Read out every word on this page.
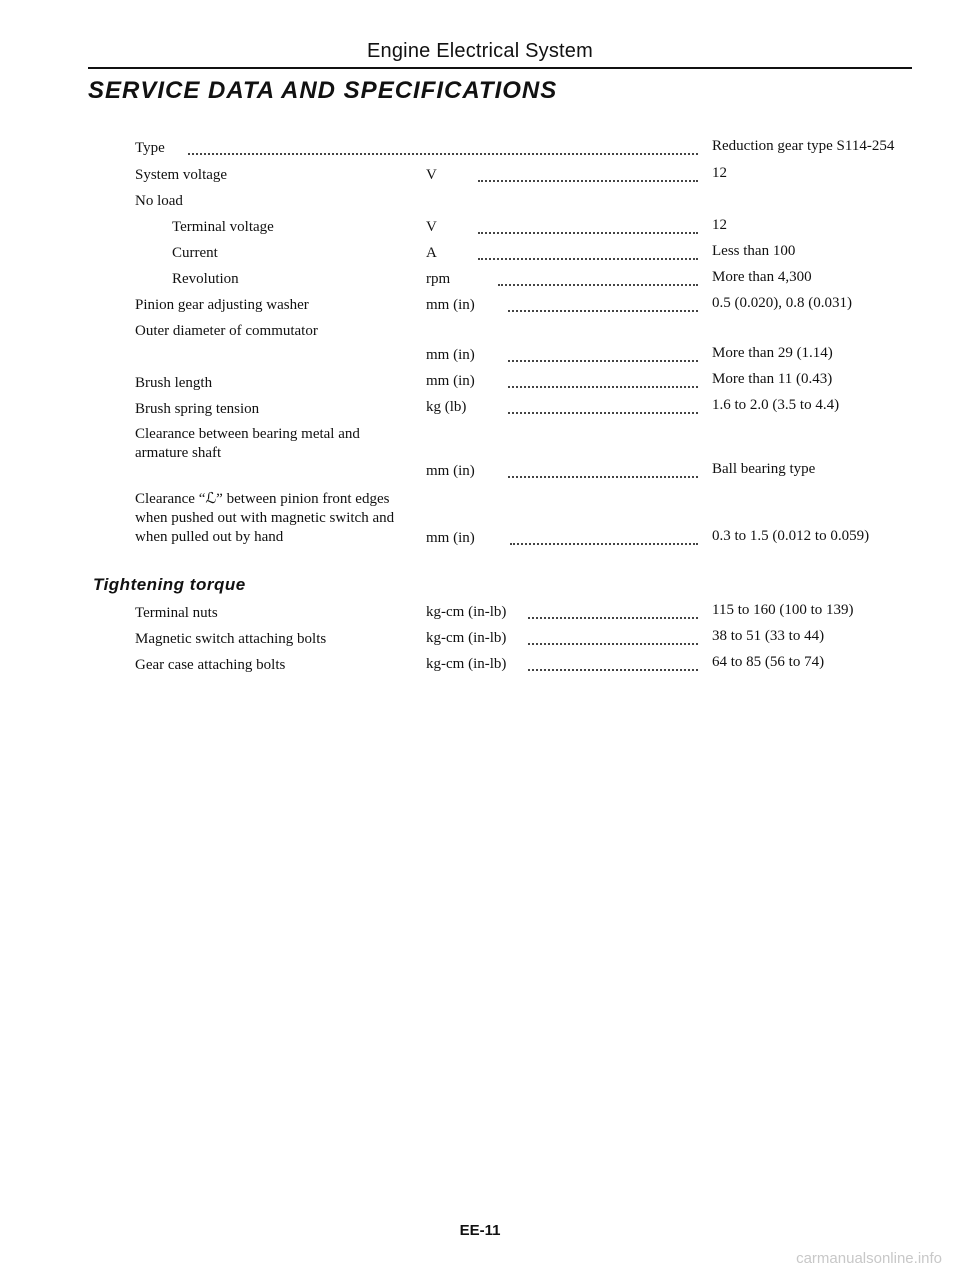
Engine Electrical System
SERVICE DATA AND SPECIFICATIONS
Type	Reduction gear type S114-254
System voltage	V	12
No load
Terminal voltage	V	12
Current	A	Less than 100
Revolution	rpm	More than 4,300
Pinion gear adjusting washer	mm (in)	0.5 (0.020), 0.8 (0.031)
Outer diameter of commutator
mm (in)	More than 29 (1.14)
Brush length	mm (in)	More than 11 (0.43)
Brush spring tension	kg (lb)	1.6 to 2.0 (3.5 to 4.4)
Clearance between bearing metal and
armature shaft
mm (in)	Ball bearing type
Clearance “ℒ” between pinion front edges
when pushed out with magnetic switch and
when pulled out by hand	mm (in)	0.3 to 1.5 (0.012 to 0.059)
Tightening torque
Terminal nuts	kg-cm (in-lb)	115 to 160 (100 to 139)
Magnetic switch attaching bolts	kg-cm (in-lb)	38 to 51 (33 to 44)
Gear case attaching bolts	kg-cm (in-lb)	64 to 85 (56 to 74)
EE-11
carmanualsonline.info
